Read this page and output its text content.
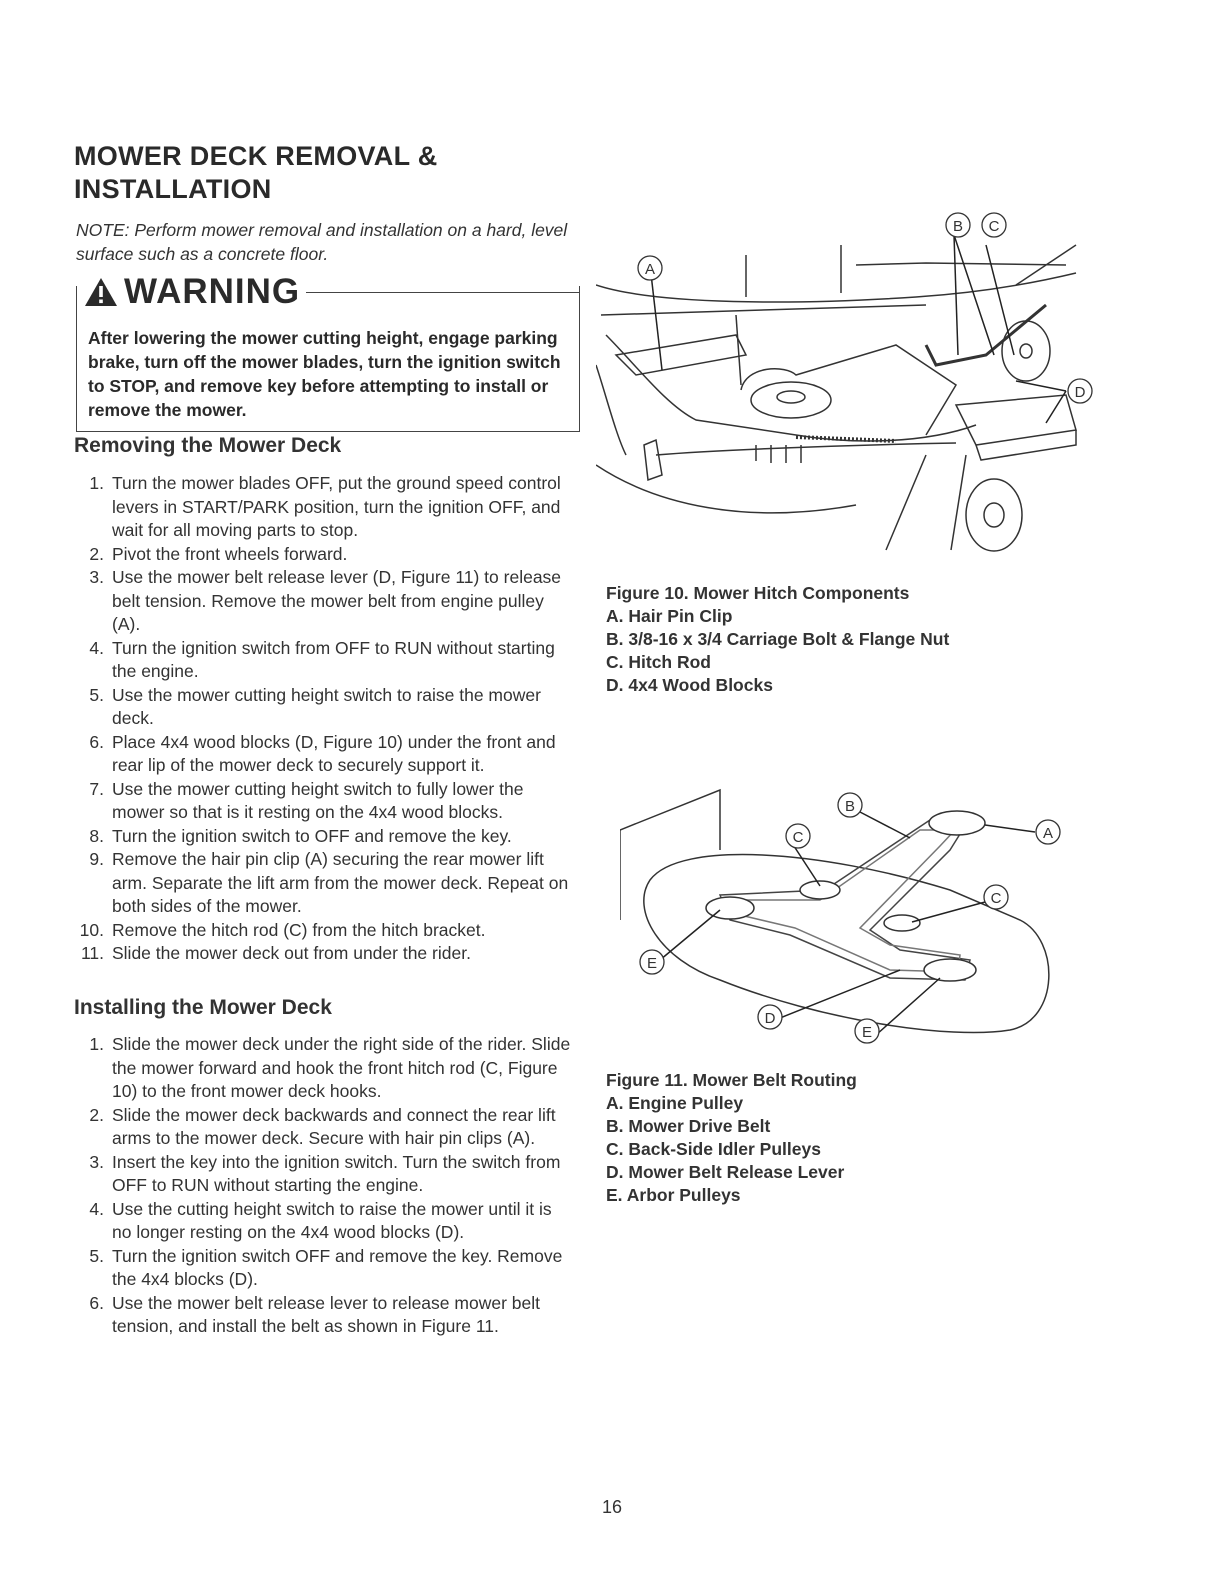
MOWER DECK REMOVAL &
INSTALLATION

NOTE: Perform mower removal and installation on a hard, level surface such as a concrete floor.

WARNING

After lowering the mower cutting height, engage parking brake, turn off the mower blades, turn the ignition switch to STOP, and remove key before attempting to install or remove the mower.

Removing the Mower Deck
1. Turn the mower blades OFF, put the ground speed control levers in START/PARK position, turn the ignition OFF, and wait for all moving parts to stop.
2. Pivot the front wheels forward.
3. Use the mower belt release lever (D, Figure 11) to release belt tension. Remove the mower belt from engine pulley (A).
4. Turn the ignition switch from OFF to RUN without starting the engine.
5. Use the mower cutting height switch to raise the mower deck.
6. Place 4x4 wood blocks (D, Figure 10) under the front and rear lip of the mower deck to securely support it.
7. Use the mower cutting height switch to fully lower the mower so that is it resting on the 4x4 wood blocks.
8. Turn the ignition switch to OFF and remove the key.
9. Remove the hair pin clip (A) securing the rear mower lift arm. Separate the lift arm from the mower deck. Repeat on both sides of the mower.
10. Remove the hitch rod (C) from the hitch bracket.
11. Slide the mower deck out from under the rider.
Installing the Mower Deck
1. Slide the mower deck under the right side of the rider. Slide the mower forward and hook the front hitch rod (C, Figure 10) to the front mower deck hooks.
2. Slide the mower deck backwards and connect the rear lift arms to the mower deck. Secure with hair pin clips (A).
3. Insert the key into the ignition switch. Turn the switch from OFF to RUN without starting the engine.
4. Use the cutting height switch to raise the mower until it is no longer resting on the 4x4 wood blocks (D).
5. Turn the ignition switch OFF and remove the key. Remove the 4x4 blocks (D).
6. Use the mower belt release lever to release mower belt tension, and install the belt as shown in Figure 11.
A
B C
D
Figure 10. Mower Hitch Components
A. Hair Pin Clip
B. 3/8-16 x 3/4 Carriage Bolt & Flange Nut
C. Hitch Rod
D. 4x4 Wood Blocks
B
C	A
C
E
D
E
Figure 11. Mower Belt Routing
A. Engine Pulley
B. Mower Drive Belt
C. Back-Side Idler Pulleys
D. Mower Belt Release Lever
E. Arbor Pulleys
16
